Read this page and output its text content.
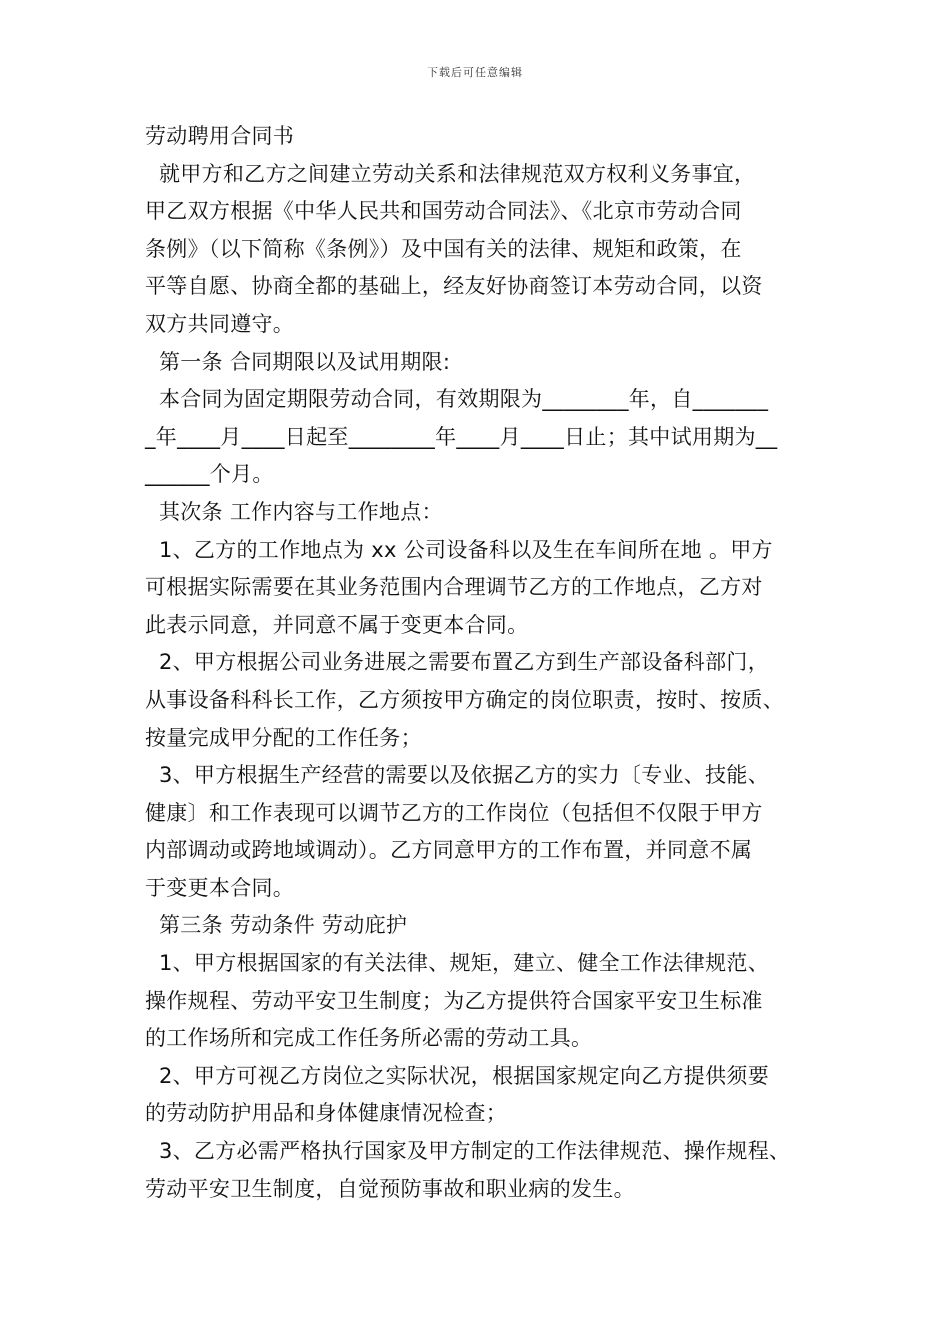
下载后可任意编辑
劳动聘用合同书
就甲方和乙方之间建立劳动关系和法律规范双方权利义务事宜，
甲乙双方根据《中华人民共和国劳动合同法》、《北京市劳动合同
条例》（以下简称《条例》）及中国有关的法律、规矩和政策，在
平等自愿、协商全都的基础上，经友好协商签订本劳动合同，以资
双方共同遵守。
第一条 合同期限以及试用期限:
本合同为固定期限劳动合同，有效期限为________年，自_______
_年____月____日起至________年____月____日止；其中试用期为__
______个月。
其次条 工作内容与工作地点：
1、乙方的工作地点为 xx 公司设备科以及生在车间所在地 。甲方
可根据实际需要在其业务范围内合理调节乙方的工作地点，乙方对
此表示同意，并同意不属于变更本合同。
2、甲方根据公司业务进展之需要布置乙方到生产部设备科部门，
从事设备科科长工作，乙方须按甲方确定的岗位职责，按时、按质、
按量完成甲分配的工作任务；
3、甲方根据生产经营的需要以及依据乙方的实力〔专业、技能、
健康〕和工作表现可以调节乙方的工作岗位（包括但不仅限于甲方
内部调动或跨地域调动）。乙方同意甲方的工作布置，并同意不属
于变更本合同。
第三条 劳动条件 劳动庇护
1、甲方根据国家的有关法律、规矩，建立、健全工作法律规范、
操作规程、劳动平安卫生制度；为乙方提供符合国家平安卫生标准
的工作场所和完成工作任务所必需的劳动工具。
2、甲方可视乙方岗位之实际状况，根据国家规定向乙方提供须要
的劳动防护用品和身体健康情况检查；
3、乙方必需严格执行国家及甲方制定的工作法律规范、操作规程、
劳动平安卫生制度，自觉预防事故和职业病的发生。
